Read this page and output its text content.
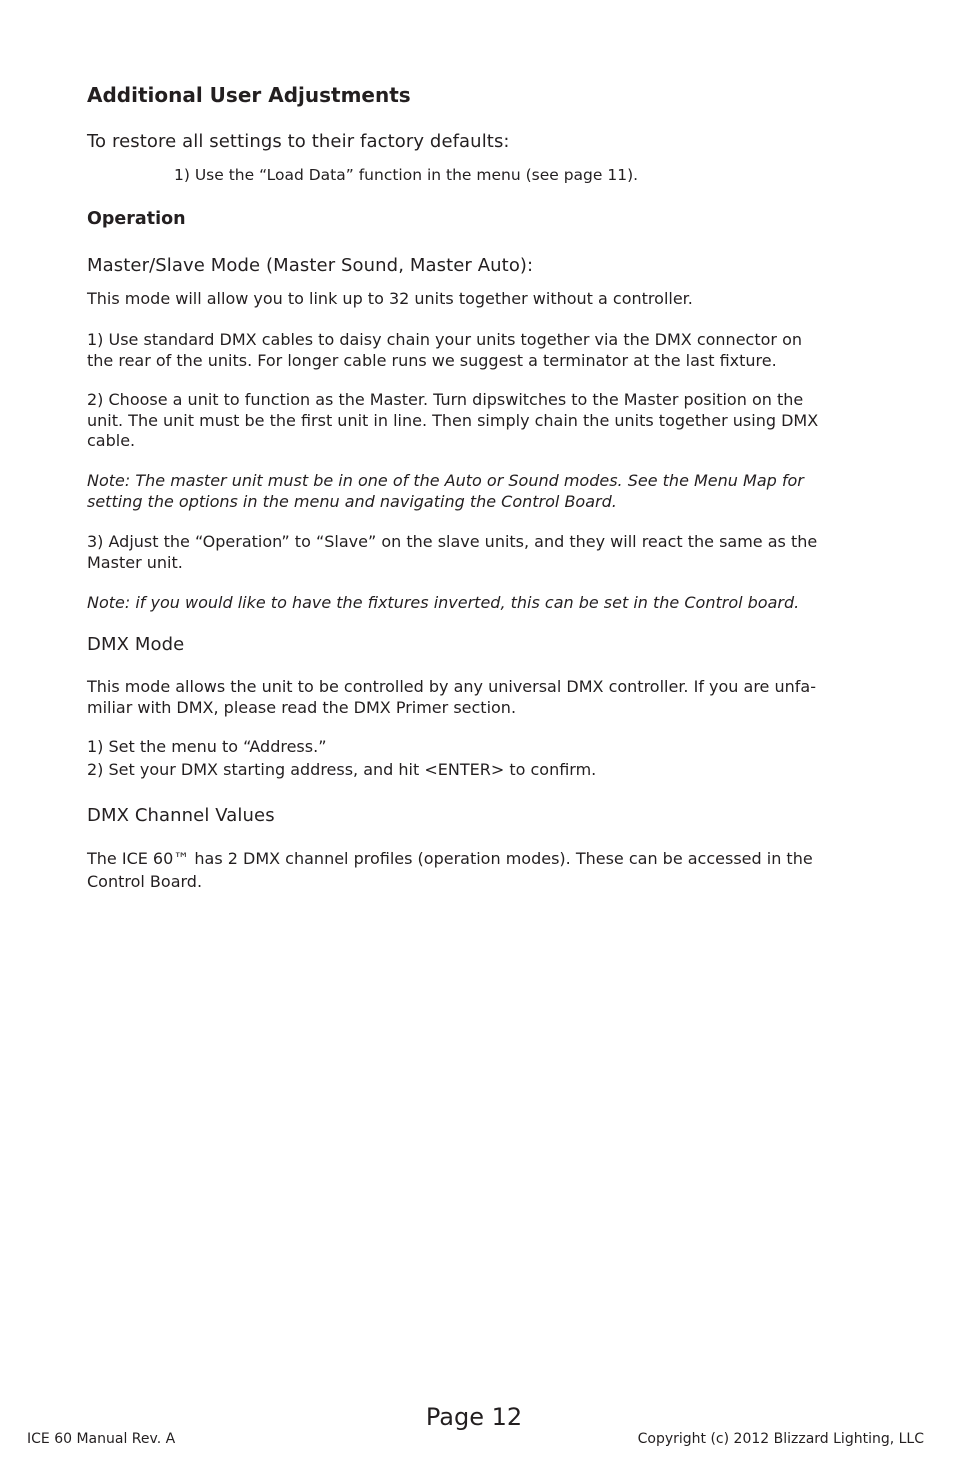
Additional User Adjustments

To restore all settings to their factory defaults:

1) Use the “Load Data” function in the menu (see page 11).

Operation

Master/Slave Mode (Master Sound, Master Auto):

This mode will allow you to link up to 32 units together without a controller.

1) Use standard DMX cables to daisy chain your units together via the DMX connector on
the rear of the units. For longer cable runs we suggest a terminator at the last fixture.

2) Choose a unit to function as the Master. Turn dipswitches to the Master position on the
unit. The unit must be the first unit in line. Then simply chain the units together using DMX
cable.

Note: The master unit must be in one of the Auto or Sound modes. See the Menu Map for
setting the options in the menu and navigating the Control Board.

3) Adjust the “Operation” to “Slave” on the slave units, and they will react the same as the
Master unit.

Note: if you would like to have the fixtures inverted, this can be set in the Control board.

DMX Mode

This mode allows the unit to be controlled by any universal DMX controller. If you are unfa-
miliar with DMX, please read the DMX Primer section.

1) Set the menu to “Address.”

2) Set your DMX starting address, and hit <ENTER> to confirm.

DMX Channel Values

The ICE 60™ has 2 DMX channel profiles (operation modes). These can be accessed in the
Control Board.

Page 12
ICE 60 Manual Rev. A	Copyright (c) 2012 Blizzard Lighting, LLC
